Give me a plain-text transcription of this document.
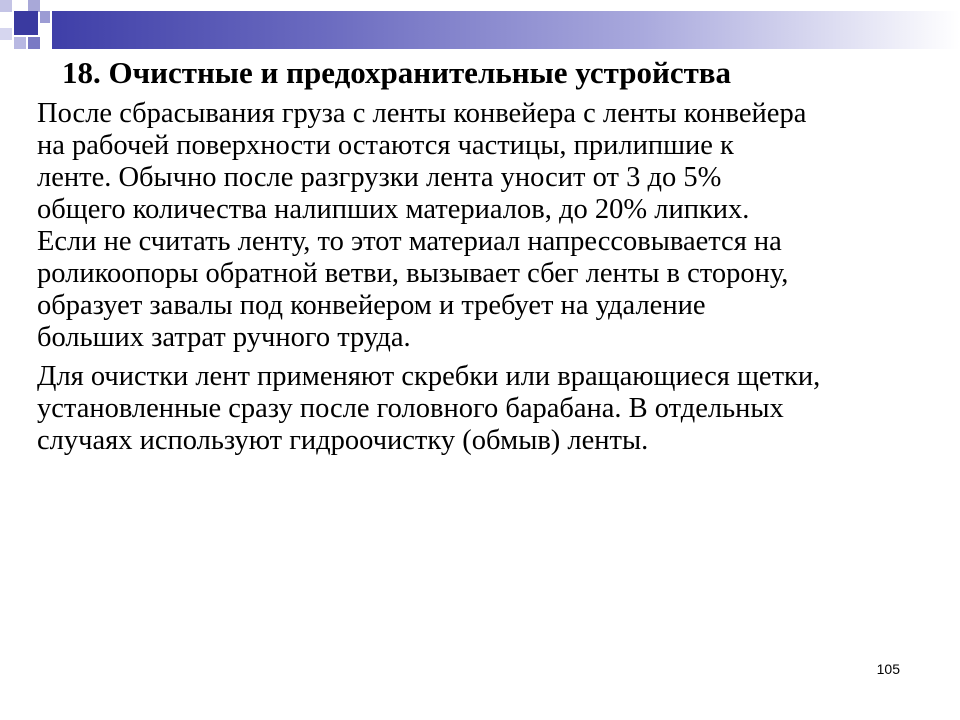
18. Очистные и предохранительные устройства

После сбрасывания груза с ленты конвейера с ленты конвейера
на рабочей поверхности остаются частицы, прилипшие к
ленте. Обычно после разгрузки лента уносит от 3 до 5%
общего количества налипших материалов, до 20% липких.
Если не считать ленту, то этот материал напрессовывается на
роликоопоры обратной ветви, вызывает сбег ленты в сторону,
образует завалы под конвейером и требует на удаление
больших затрат ручного труда.

Для очистки лент применяют скребки или вращающиеся щетки,
установленные сразу после головного барабана. В отдельных
случаях используют гидроочистку (обмыв) ленты.

105
